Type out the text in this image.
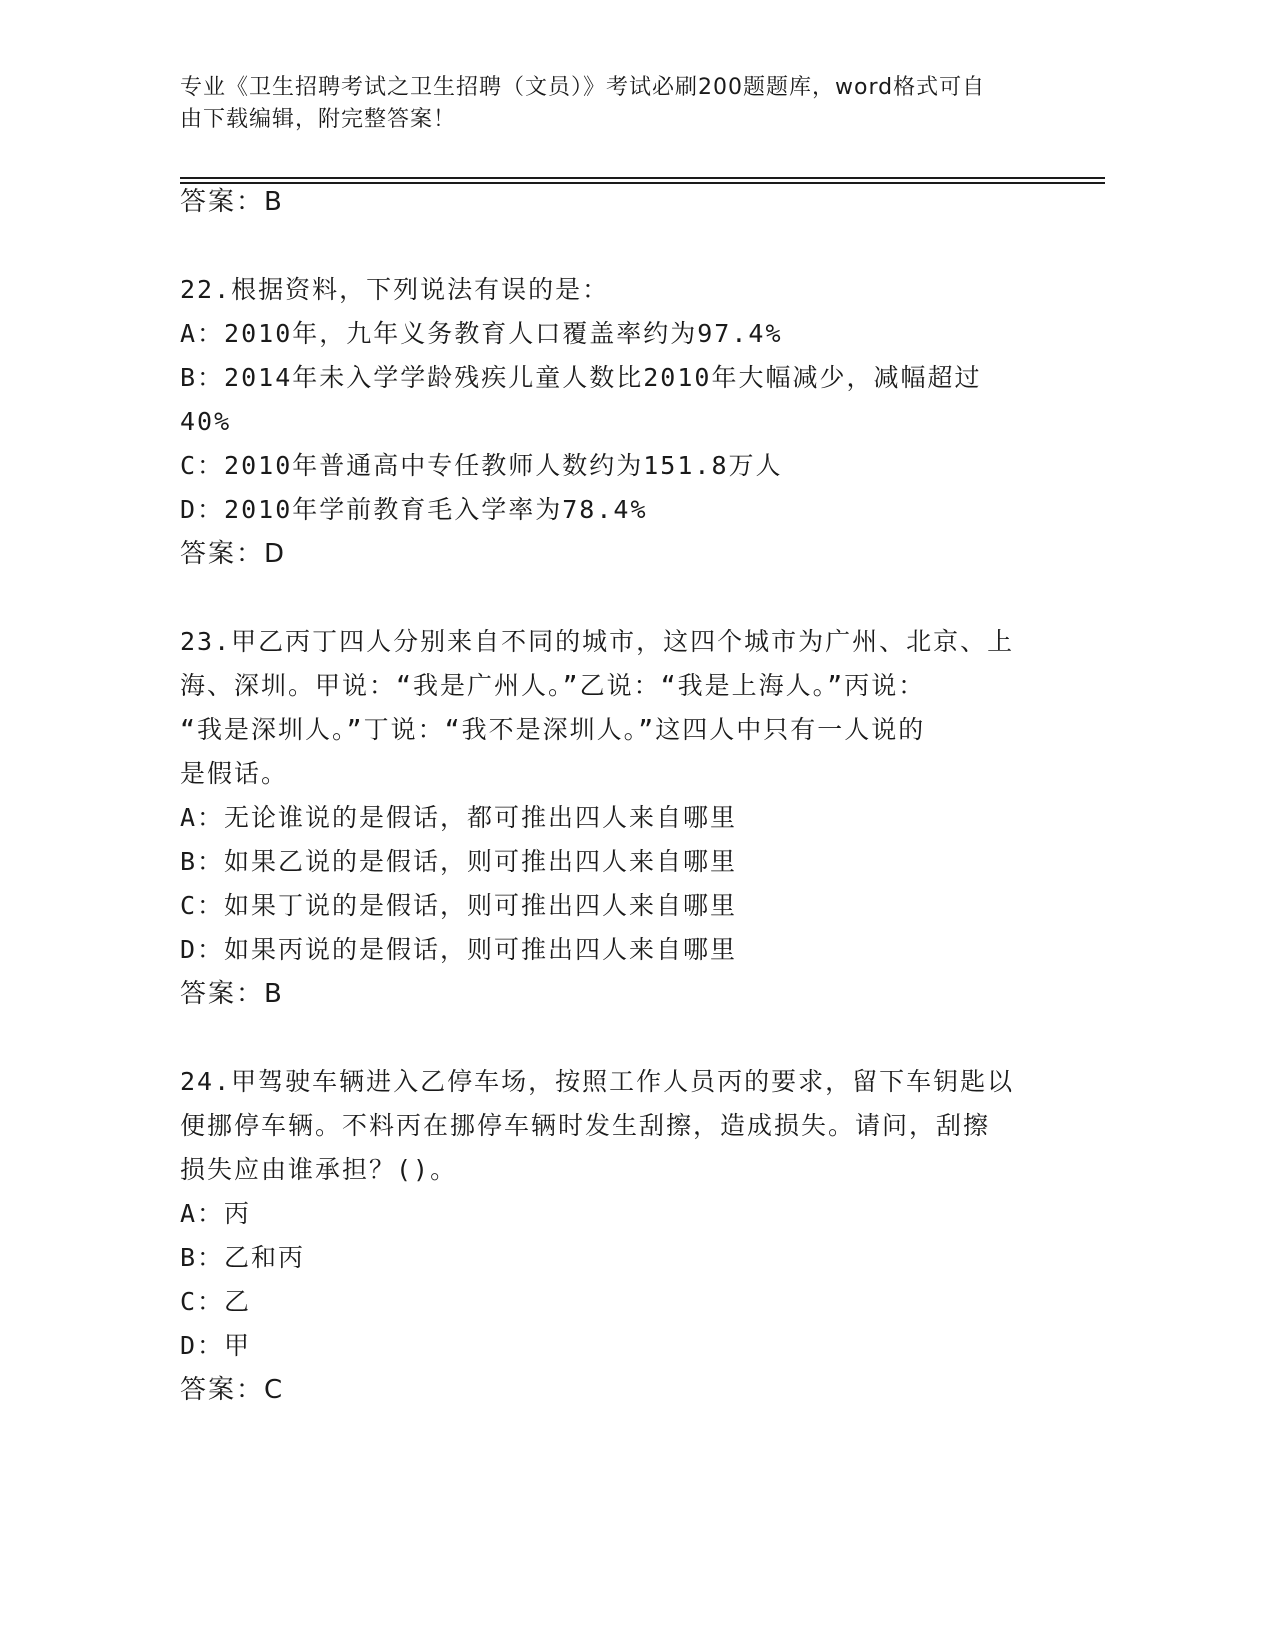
专业《卫生招聘考试之卫生招聘（文员）》考试必刷200题题库，word格式可自
由下载编辑，附完整答案！
答案：B
22.根据资料，下列说法有误的是：
A：2010年，九年义务教育人口覆盖率约为97.4%
B：2014年未入学学龄残疾儿童人数比2010年大幅减少，减幅超过
40%
C：2010年普通高中专任教师人数约为151.8万人
D：2010年学前教育毛入学率为78.4%
答案：D
23.甲乙丙丁四人分别来自不同的城市，这四个城市为广州、北京、上
海、深圳。甲说：“我是广州人。”乙说：“我是上海人。”丙说：
“我是深圳人。”丁说：“我不是深圳人。”这四人中只有一人说的
是假话。
A：无论谁说的是假话，都可推出四人来自哪里
B：如果乙说的是假话，则可推出四人来自哪里
C：如果丁说的是假话，则可推出四人来自哪里
D：如果丙说的是假话，则可推出四人来自哪里
答案：B
24.甲驾驶车辆进入乙停车场，按照工作人员丙的要求，留下车钥匙以
便挪停车辆。不料丙在挪停车辆时发生刮擦，造成损失。请问，刮擦
损失应由谁承担？()。
A：丙
B：乙和丙
C：乙
D：甲
答案：C
